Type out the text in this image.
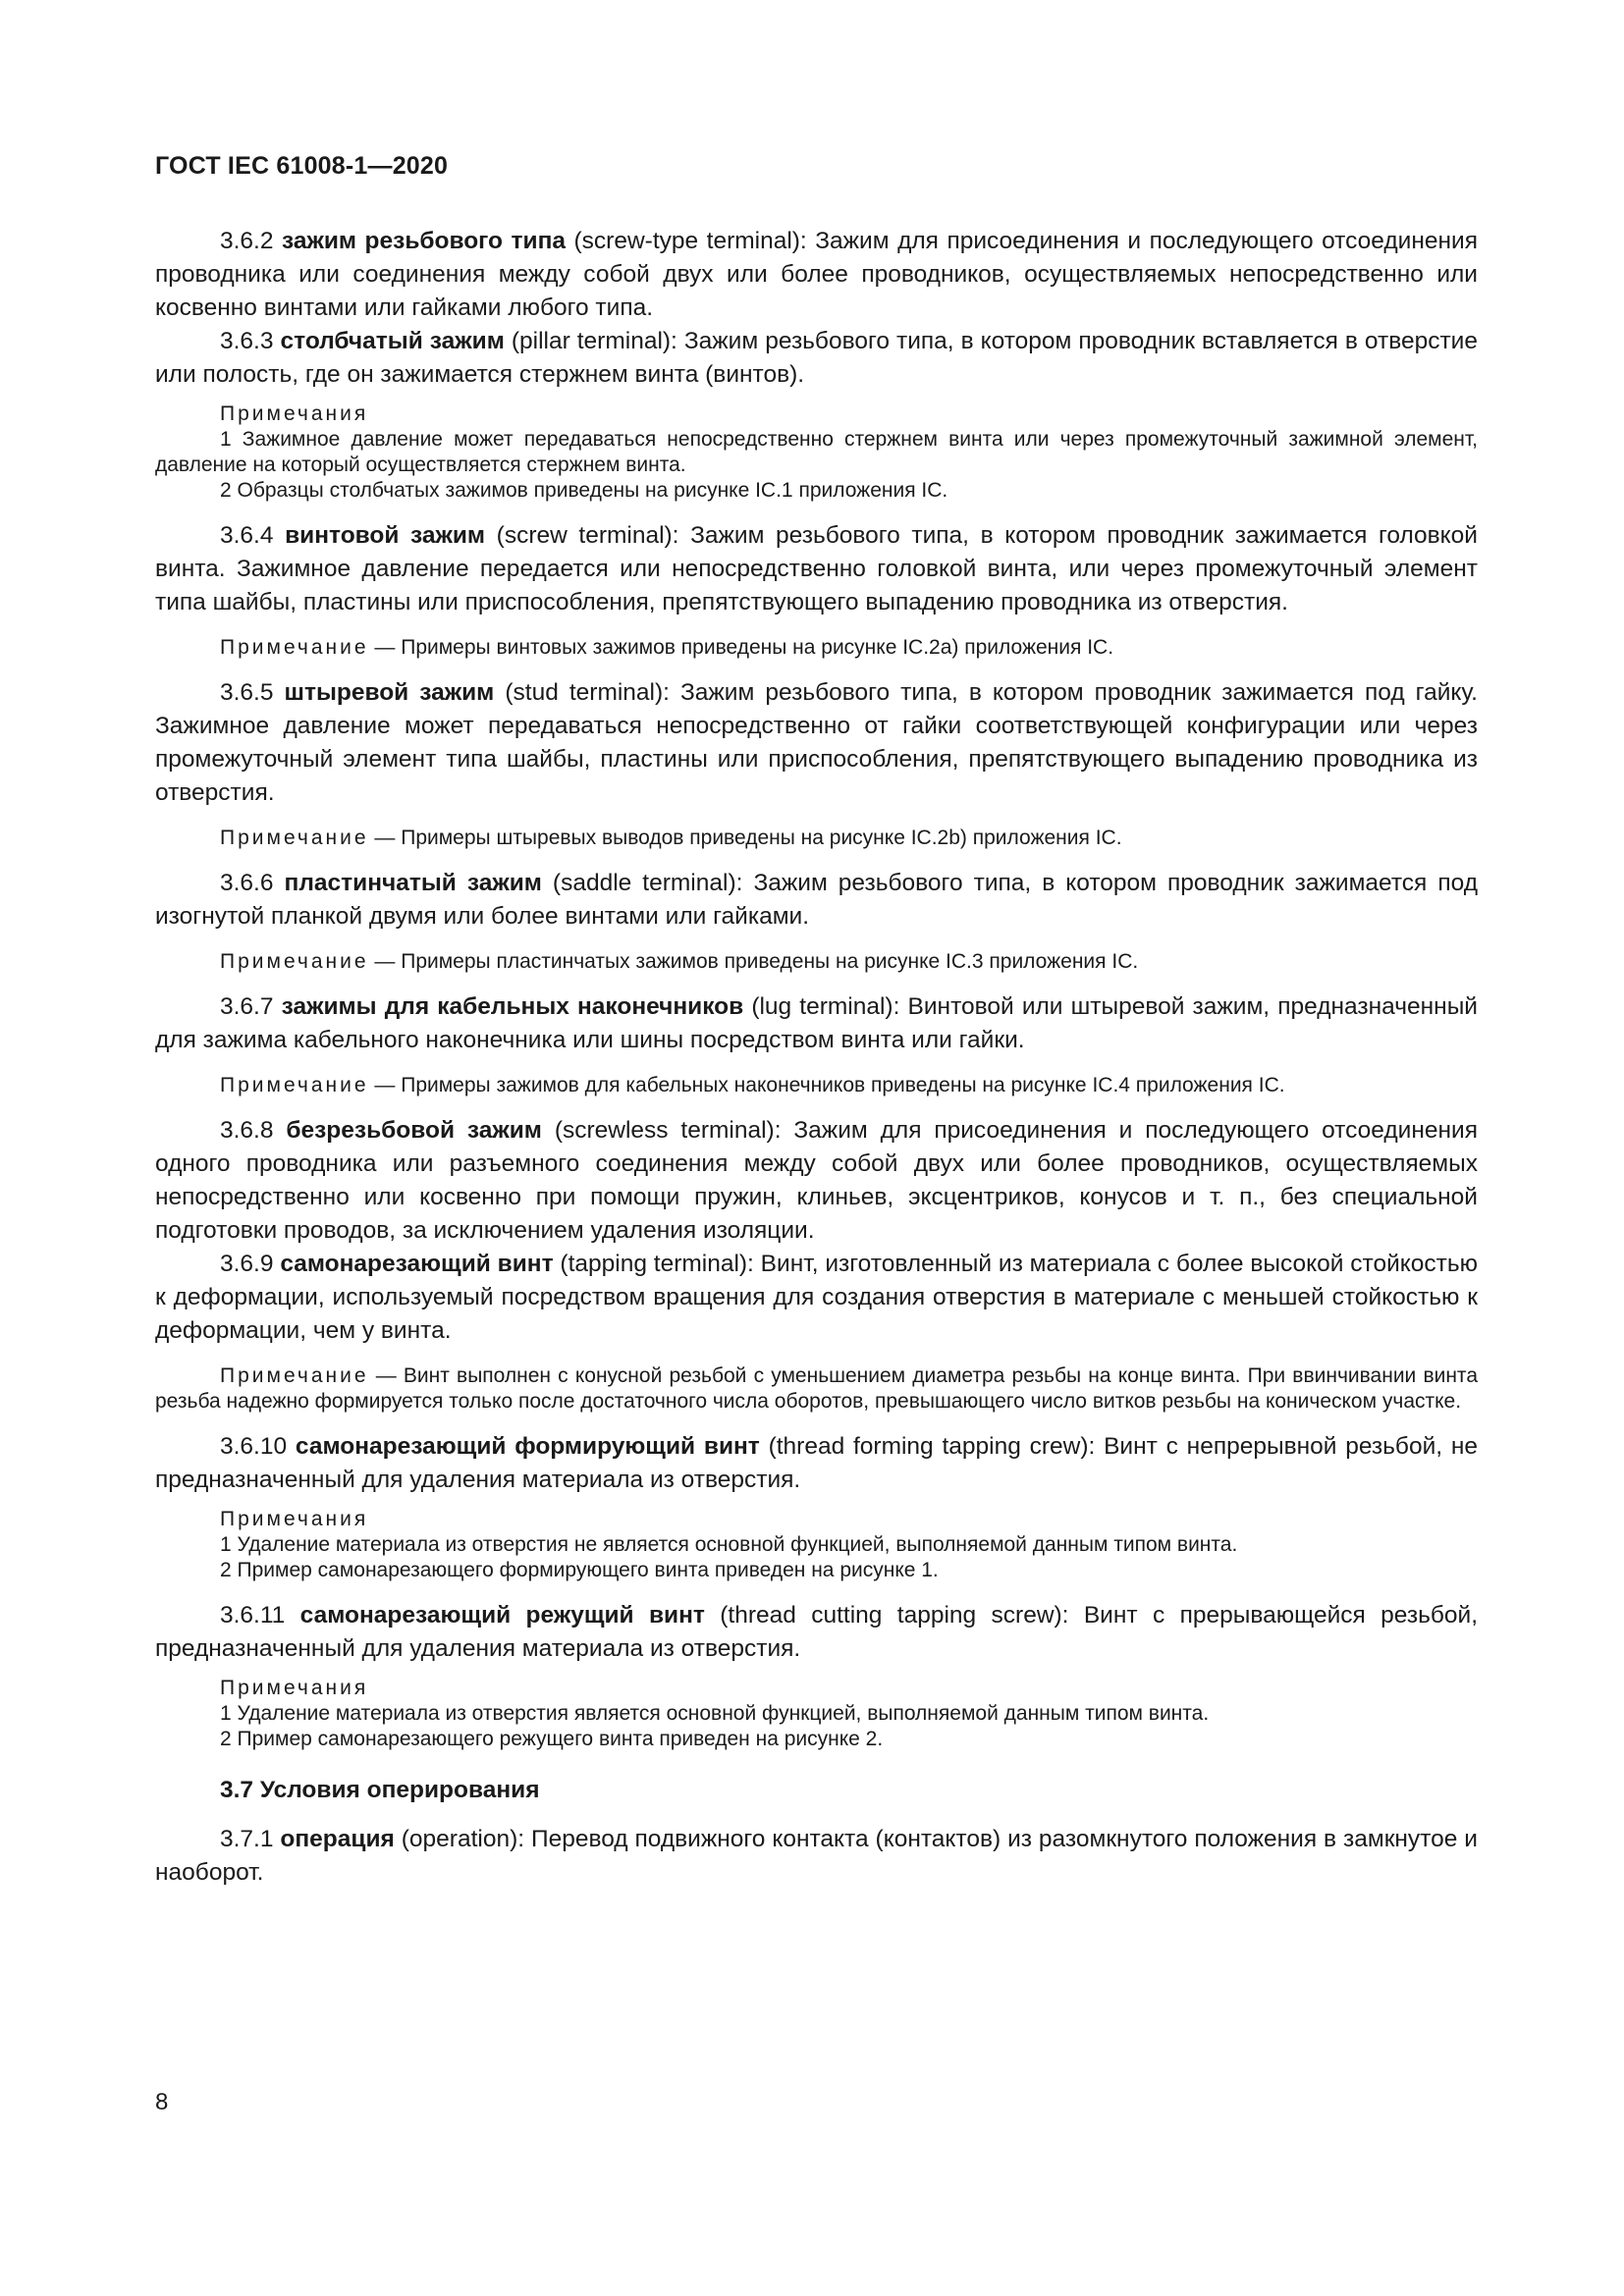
ГОСТ IEC 61008-1—2020

3.6.2 зажим резьбового типа (screw-type terminal): Зажим для присоединения и последующего отсоединения проводника или соединения между собой двух или более проводников, осуществляемых непосредственно или косвенно винтами или гайками любого типа.

3.6.3 столбчатый зажим (pillar terminal): Зажим резьбового типа, в котором проводник вставляется в отверстие или полость, где он зажимается стержнем винта (винтов).

Примечания

1 Зажимное давление может передаваться непосредственно стержнем винта или через промежуточный зажимной элемент, давление на который осуществляется стержнем винта.

2 Образцы столбчатых зажимов приведены на рисунке IC.1 приложения IC.

3.6.4 винтовой зажим (screw terminal): Зажим резьбового типа, в котором проводник зажимается головкой винта. Зажимное давление передается или непосредственно головкой винта, или через промежуточный элемент типа шайбы, пластины или приспособления, препятствующего выпадению проводника из отверстия.

Примечание — Примеры винтовых зажимов приведены на рисунке IC.2a) приложения IC.

3.6.5 штыревой зажим (stud terminal): Зажим резьбового типа, в котором проводник зажимается под гайку. Зажимное давление может передаваться непосредственно от гайки соответствующей конфигурации или через промежуточный элемент типа шайбы, пластины или приспособления, препятствующего выпадению проводника из отверстия.

Примечание — Примеры штыревых выводов приведены на рисунке IC.2b) приложения IC.

3.6.6 пластинчатый зажим (saddle terminal): Зажим резьбового типа, в котором проводник зажимается под изогнутой планкой двумя или более винтами или гайками.

Примечание — Примеры пластинчатых зажимов приведены на рисунке IC.3 приложения IC.

3.6.7 зажимы для кабельных наконечников (lug terminal): Винтовой или штыревой зажим, предназначенный для зажима кабельного наконечника или шины посредством винта или гайки.

Примечание — Примеры зажимов для кабельных наконечников приведены на рисунке IC.4 приложения IC.

3.6.8 безрезьбовой зажим (screwless terminal): Зажим для присоединения и последующего отсоединения одного проводника или разъемного соединения между собой двух или более проводников, осуществляемых непосредственно или косвенно при помощи пружин, клиньев, эксцентриков, конусов и т. п., без специальной подготовки проводов, за исключением удаления изоляции.

3.6.9 самонарезающий винт (tapping terminal): Винт, изготовленный из материала с более высокой стойкостью к деформации, используемый посредством вращения для создания отверстия в материале с меньшей стойкостью к деформации, чем у винта.

Примечание — Винт выполнен с конусной резьбой с уменьшением диаметра резьбы на конце винта. При ввинчивании винта резьба надежно формируется только после достаточного числа оборотов, превышающего число витков резьбы на коническом участке.

3.6.10 самонарезающий формирующий винт (thread forming tapping crew): Винт с непрерывной резьбой, не предназначенный для удаления материала из отверстия.

Примечания

1 Удаление материала из отверстия не является основной функцией, выполняемой данным типом винта.

2 Пример самонарезающего формирующего винта приведен на рисунке 1.

3.6.11 самонарезающий режущий винт (thread cutting tapping screw): Винт с прерывающейся резьбой, предназначенный для удаления материала из отверстия.

Примечания

1 Удаление материала из отверстия является основной функцией, выполняемой данным типом винта.

2 Пример самонарезающего режущего винта приведен на рисунке 2.

3.7 Условия оперирования

3.7.1 операция (operation): Перевод подвижного контакта (контактов) из разомкнутого положения в замкнутое и наоборот.

8
